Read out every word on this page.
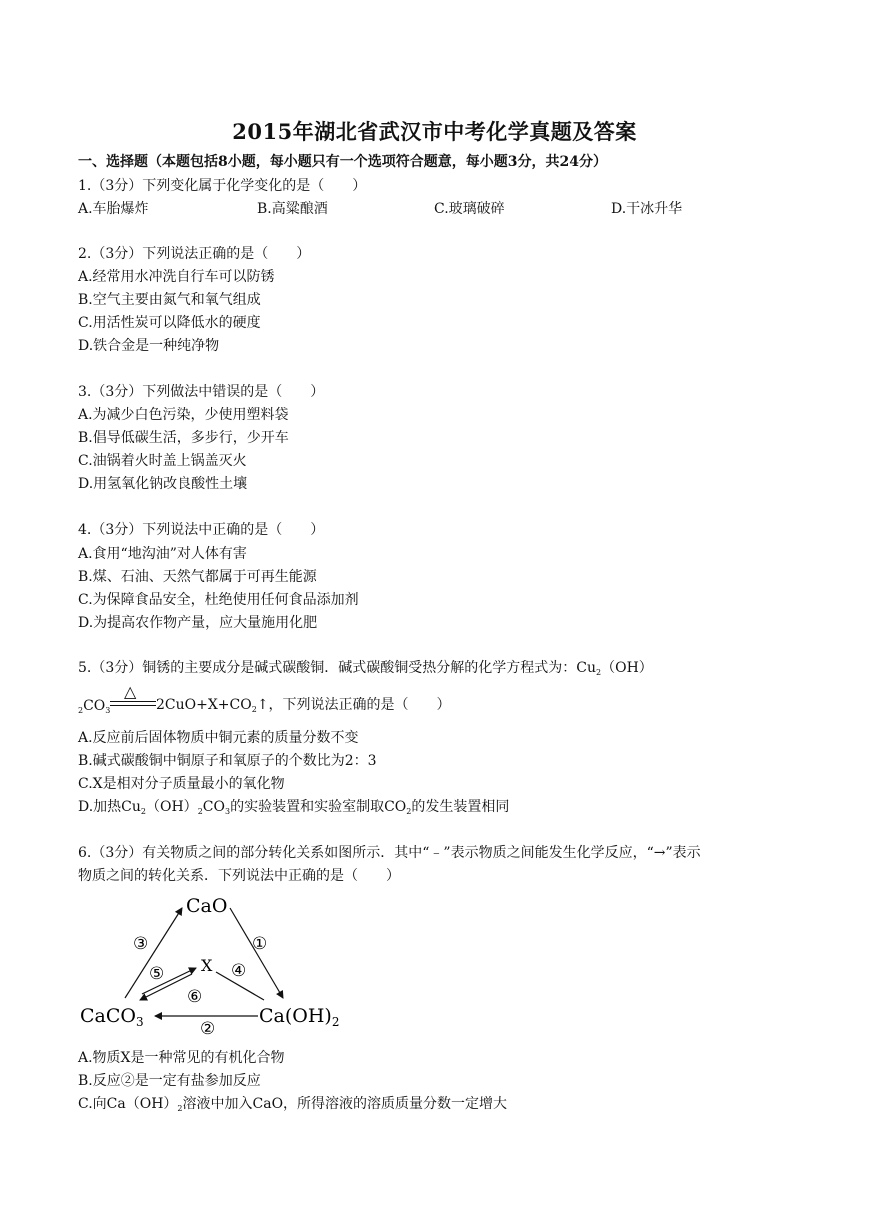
2015年湖北省武汉市中考化学真题及答案
一、选择题（本题包括8小题，每小题只有一个选项符合题意，每小题3分，共24分）
1.（3分）下列变化属于化学变化的是（　　）
A.车胎爆炸	B.高粱酿酒	C.玻璃破碎	D.干冰升华
2.（3分）下列说法正确的是（　　）
A.经常用水冲洗自行车可以防锈
B.空气主要由氮气和氧气组成
C.用活性炭可以降低水的硬度
D.铁合金是一种纯净物
3.（3分）下列做法中错误的是（　　）
A.为减少白色污染，少使用塑料袋
B.倡导低碳生活，多步行，少开车
C.油锅着火时盖上锅盖灭火
D.用氢氧化钠改良酸性土壤
4.（3分）下列说法中正确的是（　　）
A.食用“地沟油”对人体有害
B.煤、石油、天然气都属于可再生能源
C.为保障食品安全，杜绝使用任何食品添加剂
D.为提高农作物产量，应大量施用化肥
5.（3分）铜锈的主要成分是碱式碳酸铜．碱式碳酸铜受热分解的化学方程式为：$Cu_2(OH)$
$_2CO_3$
△
$2CuO+X+CO_2↑$，下列说法正确的是（　　）
A.反应前后固体物质中铜元素的质量分数不变
B.碱式碳酸铜中铜原子和氧原子的个数比为2：3
C.X是相对分子质量最小的氧化物
D.加热$Cu_2(OH)_2CO_3$的实验装置和实验室制取$CO_2$的发生装置相同
6.（3分）有关物质之间的部分转化关系如图所示．其中“﹣”表示物质之间能发生化学反应，“→”表示
物质之间的转化关系．下列说法中正确的是（　　）
CaO
X
CaCO$_3$	$Ca(OH)_2$
③	①
⑤	④
⑥
②
A.物质X是一种常见的有机化合物
B.反应②是一定有盐参加反应
C.向$Ca(OH)_2$溶液中加入CaO，所得溶液的溶质质量分数一定增大
